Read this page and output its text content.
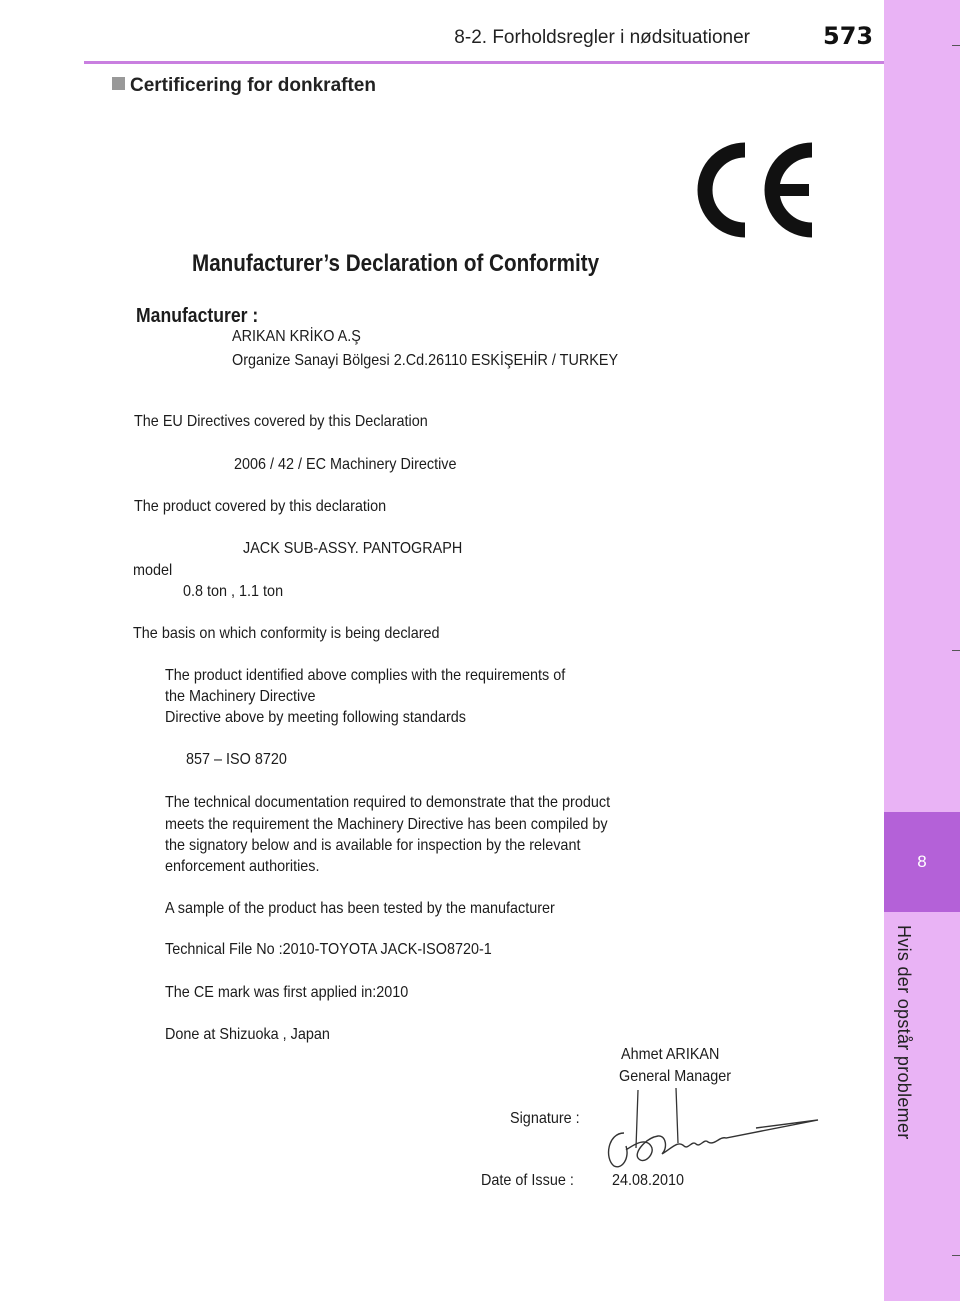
8-2. Forholdsregler i nødsituationer	573
8
Hvis der opstår problemer
Certificering for donkraften
Manufacturer’s Declaration of Conformity
Manufacturer :
ARIKAN KRİKO A.Ş
Organize Sanayi Bölgesi 2.Cd.26110 ESKİŞEHİR / TURKEY
The EU Directives covered by this Declaration
2006 / 42 / EC Machinery Directive
The product covered by this declaration
JACK SUB-ASSY. PANTOGRAPH
model
0.8 ton , 1.1 ton
The basis on which conformity is being declared
The product identified above complies with the requirements of
the Machinery Directive
Directive above by meeting following standards
857 – ISO 8720
The technical documentation required to demonstrate that the product
meets the requirement the Machinery Directive has been compiled by
the signatory below and is available for inspection by the relevant
enforcement authorities.
A sample of the product has been tested by the manufacturer
Technical File No :2010-TOYOTA JACK-ISO8720-1
The CE mark was first applied in:2010
Done at Shizuoka , Japan
Ahmet ARIKAN
General Manager
Signature :
Date of Issue : 24.08.2010
